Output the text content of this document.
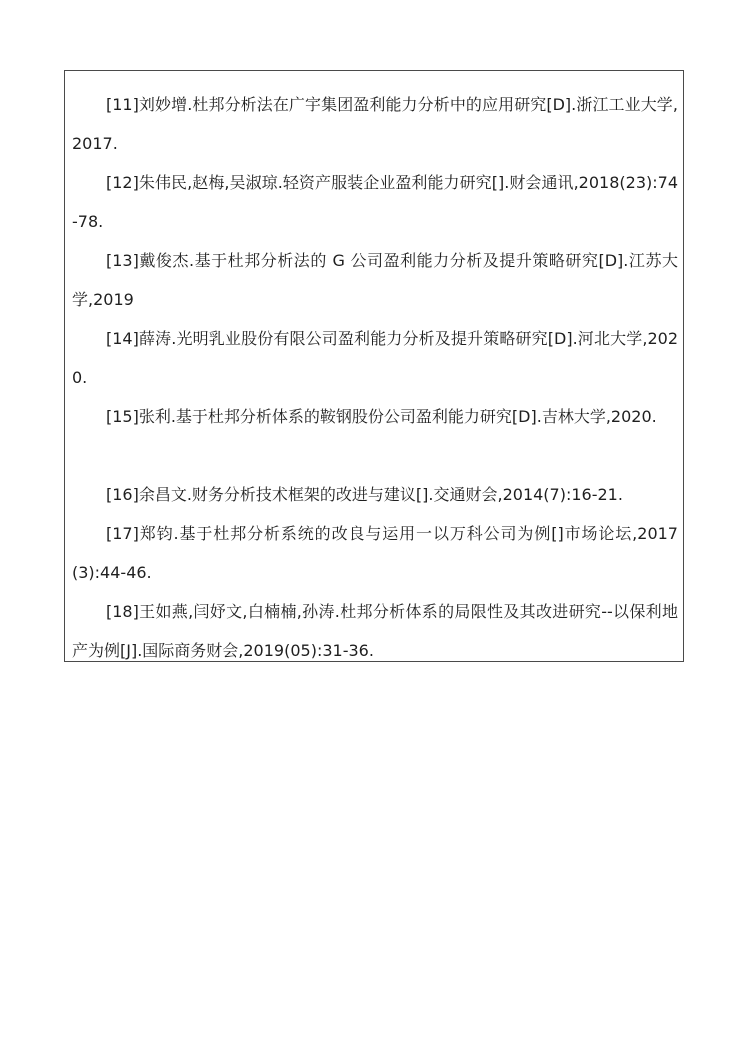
[11]刘妙增.杜邦分析法在广宇集团盈利能力分析中的应用研究[D].浙江工业大学,2017.
[12]朱伟民,赵梅,吴淑琼.轻资产服装企业盈利能力研究[].财会通讯,2018(23):74-78.
[13]戴俊杰.基于杜邦分析法的 G 公司盈利能力分析及提升策略研究[D].江苏大学,2019
[14]薛涛.光明乳业股份有限公司盈利能力分析及提升策略研究[D].河北大学,2020.
[15]张利.基于杜邦分析体系的鞍钢股份公司盈利能力研究[D].吉林大学,2020.
[16]余昌文.财务分析技术框架的改进与建议[].交通财会,2014(7):16-21.
[17]郑钧.基于杜邦分析系统的改良与运用一以万科公司为例[]市场论坛,2017(3):44-46.
[18]王如燕,闫妤文,白楠楠,孙涛.杜邦分析体系的局限性及其改进研究--以保利地产为例[J].国际商务财会,2019(05):31-36.
